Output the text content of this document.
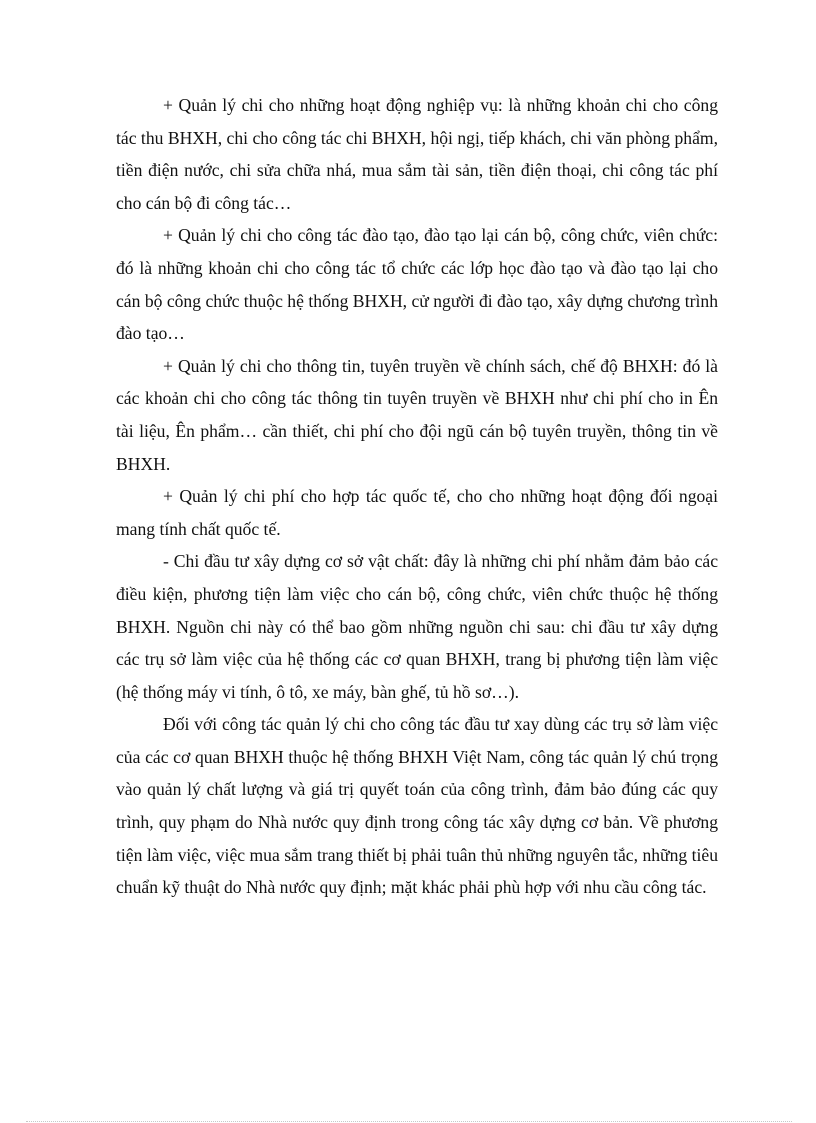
+ Quản lý chi cho những hoạt động nghiệp vụ: là những khoản chi cho công tác thu BHXH, chi cho công tác chi BHXH, hội ngị, tiếp khách, chi văn phòng phẩm, tiền điện nước, chi sửa chữa nhá, mua sắm tài sản, tiền điện thoại, chi công tác phí cho cán bộ đi công tác…

+ Quản lý chi cho công tác đào tạo, đào tạo lại cán bộ, công chức, viên chức: đó là những khoản chi cho công tác tổ chức các lớp học đào tạo và đào tạo lại cho cán bộ công chức thuộc hệ thống BHXH, cử người đi đào tạo, xây dựng chương trình đào tạo…

+ Quản lý chi cho thông tin, tuyên truyền về chính sách, chế độ BHXH: đó là các khoản chi cho công tác thông tin tuyên truyền về BHXH như chi phí cho in Ên tài liệu, Ên phẩm… cần thiết, chi phí cho đội ngũ cán bộ tuyên truyền, thông tin về BHXH.

+ Quản lý chi phí cho hợp tác quốc tế, cho cho những hoạt động đối ngoại mang tính chất quốc tế.

- Chi đầu tư xây dựng cơ sở vật chất: đây là những chi phí nhằm đảm bảo các điều kiện, phương tiện làm việc cho cán bộ, công chức, viên chức thuộc hệ thống BHXH. Nguồn chi này có thể bao gồm những nguồn chi sau: chi đầu tư xây dựng các trụ sở làm việc của hệ thống các cơ quan BHXH, trang bị phương tiện làm việc (hệ thống máy vi tính, ô tô, xe máy, bàn ghế, tủ hồ sơ…).

Đối với công tác quản lý chi cho công tác đầu tư xay dùng các trụ sở làm việc của các cơ quan BHXH thuộc hệ thống BHXH Việt Nam, công tác quản lý chú trọng vào quản lý chất lượng và giá trị quyết toán của công trình, đảm bảo đúng các quy trình, quy phạm do Nhà nước quy định trong công tác xây dựng cơ bản. Về phương tiện làm việc, việc mua sắm trang thiết bị phải tuân thủ những nguyên tắc, những tiêu chuẩn kỹ thuật do Nhà nước quy định; mặt khác phải phù hợp với nhu cầu công tác.
